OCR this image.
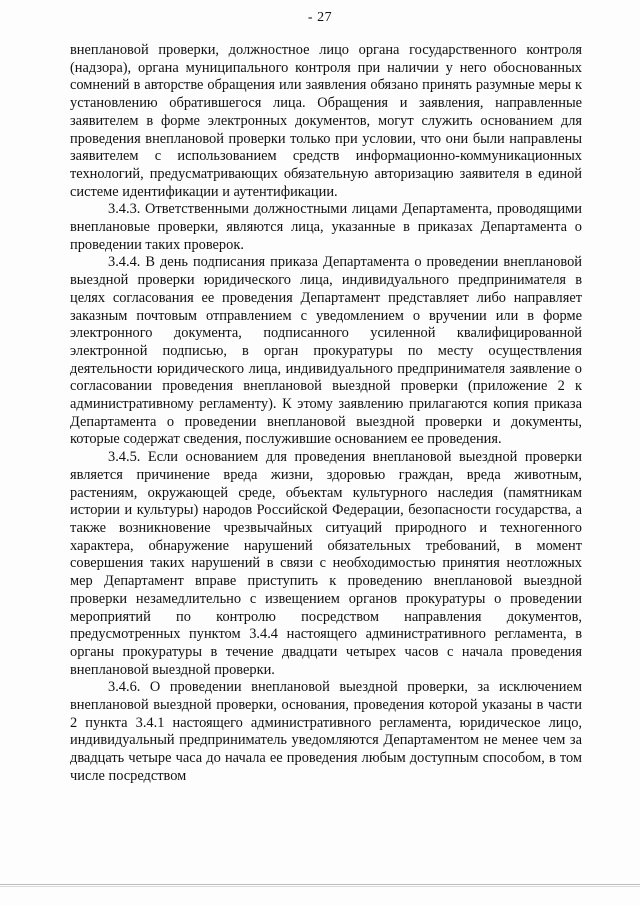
- 27

внеплановой проверки, должностное лицо органа государственного контроля (надзора), органа муниципального контроля при наличии у него обоснованных сомнений в авторстве обращения или заявления обязано принять разумные меры к установлению обратившегося лица. Обращения и заявления, направленные заявителем в форме электронных документов, могут служить основанием для проведения внеплановой проверки только при условии, что они были направлены заявителем с использованием средств информационно-коммуникационных технологий, предусматривающих обязательную авторизацию заявителя в единой системе идентификации и аутентификации.

3.4.3. Ответственными должностными лицами Департамента, проводящими внеплановые проверки, являются лица, указанные в приказах Департамента о проведении таких проверок.

3.4.4. В день подписания приказа Департамента о проведении внеплановой выездной проверки юридического лица, индивидуального предпринимателя в целях согласования ее проведения Департамент представляет либо направляет заказным почтовым отправлением с уведомлением о вручении или в форме электронного документа, подписанного усиленной квалифицированной электронной подписью, в орган прокуратуры по месту осуществления деятельности юридического лица, индивидуального предпринимателя заявление о согласовании проведения внеплановой выездной проверки (приложение 2 к административному регламенту). К этому заявлению прилагаются копия приказа Департамента о проведении внеплановой выездной проверки и документы, которые содержат сведения, послужившие основанием ее проведения.

3.4.5. Если основанием для проведения внеплановой выездной проверки является причинение вреда жизни, здоровью граждан, вреда животным, растениям, окружающей среде, объектам культурного наследия (памятникам истории и культуры) народов Российской Федерации, безопасности государства, а также возникновение чрезвычайных ситуаций природного и техногенного характера, обнаружение нарушений обязательных требований, в момент совершения таких нарушений в связи с необходимостью принятия неотложных мер Департамент вправе приступить к проведению внеплановой выездной проверки незамедлительно с извещением органов прокуратуры о проведении мероприятий по контролю посредством направления документов, предусмотренных пунктом 3.4.4 настоящего административного регламента, в органы прокуратуры в течение двадцати четырех часов с начала проведения внеплановой выездной проверки.

3.4.6. О проведении внеплановой выездной проверки, за исключением внеплановой выездной проверки, основания, проведения которой указаны в части 2 пункта 3.4.1 настоящего административного регламента, юридическое лицо, индивидуальный предприниматель уведомляются Департаментом не менее чем за двадцать четыре часа до начала ее проведения любым доступным способом, в том числе посредством
